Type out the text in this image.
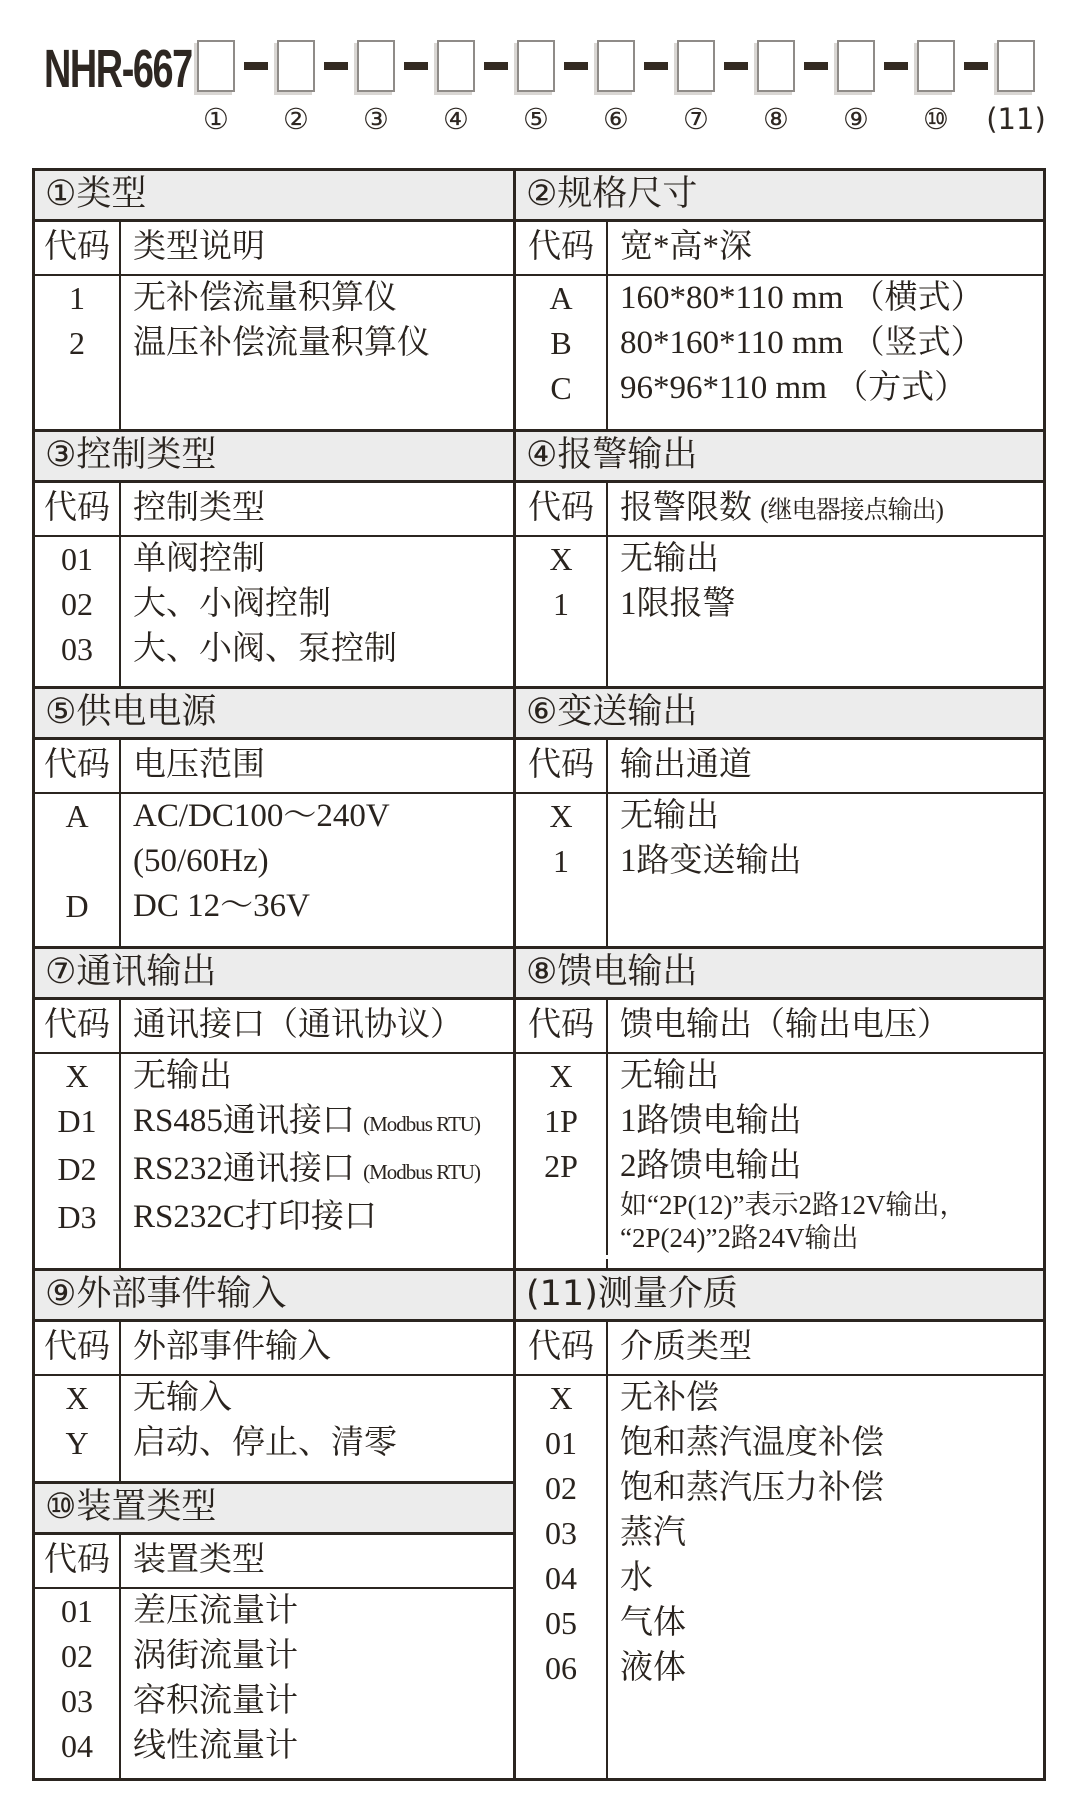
NHR-667
① ② ③ ④ ⑤ ⑥ ⑦ ⑧ ⑨ ⑩ (11)
①类型
代码 类型说明
1	无补偿流量积算仪
2	温压补偿流量积算仪
③控制类型
代码 控制类型
01	单阀控制
02	大、小阀控制
03	大、小阀、泵控制
⑤供电电源
代码 电压范围
A	AC/DC100～240V
(50/60Hz)
D	DC 12～36V
⑦通讯输出
代码 通讯接口（通讯协议）
X	无输出
D1	RS485通讯接口 (Modbus RTU)
D2	RS232通讯接口 (Modbus RTU)
D3	RS232C打印接口
⑨外部事件输入
代码 外部事件输入
X	无输入
Y	启动、停止、清零
⑩装置类型
代码 装置类型
01	差压流量计
02	涡街流量计
03	容积流量计
04	线性流量计
②规格尺寸
代码 宽*高*深
A	160*80*110 mm （横式）
B	80*160*110 mm （竖式）
C	96*96*110 mm （方式）
④报警输出
代码 报警限数 (继电器接点输出)
X	无输出
1	1限报警
⑥变送输出
代码 输出通道
X	无输出
1	1路变送输出
⑧馈电输出
代码 馈电输出（输出电压）
X	无输出
1P	1路馈电输出
2P	2路馈电输出
如“2P(12)”表示2路12V输出，
“2P(24)”2路24V输出
(11)测量介质
代码 介质类型
X	无补偿
01	饱和蒸汽温度补偿
02	饱和蒸汽压力补偿
03	蒸汽
04	水
05	气体
06	液体
